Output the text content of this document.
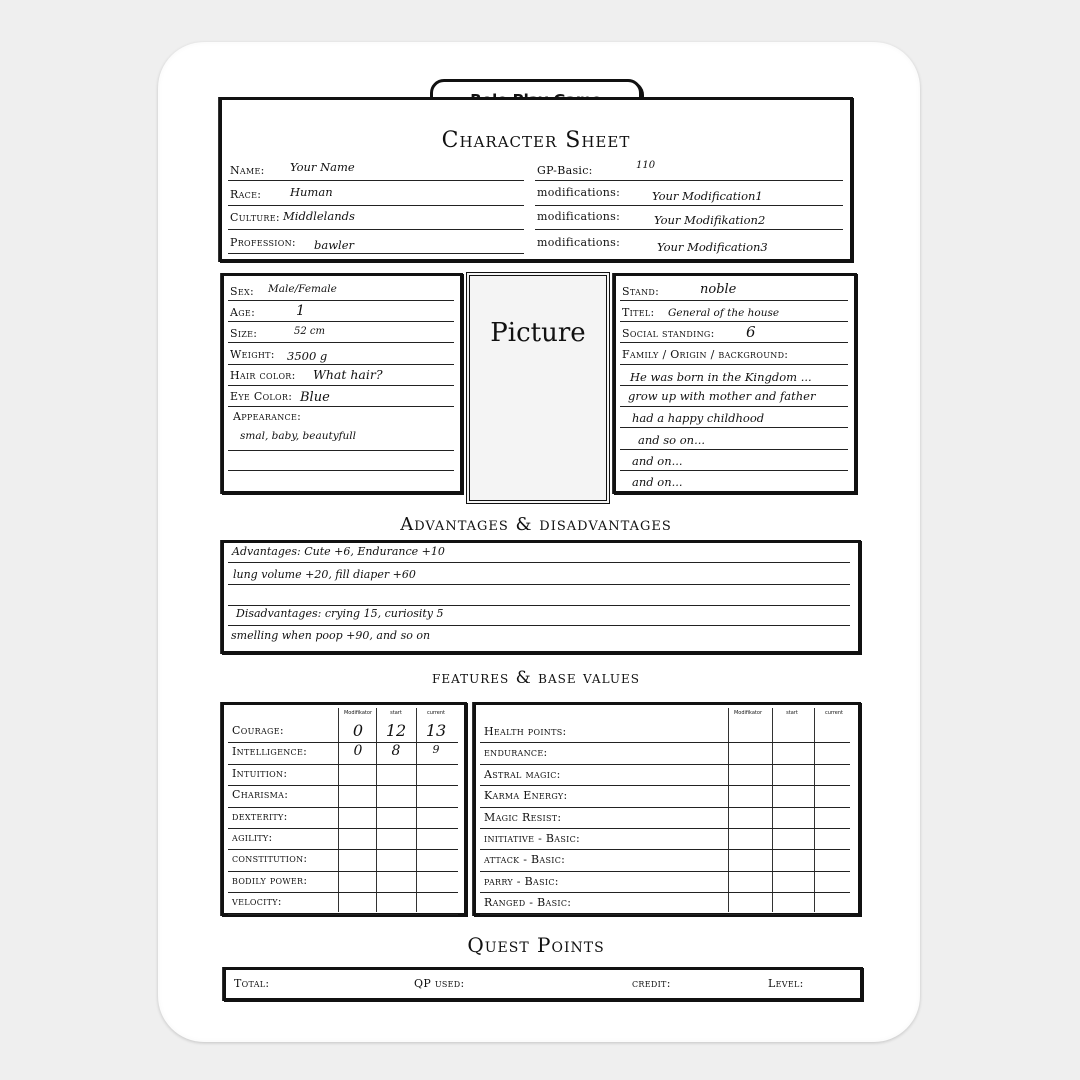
Character Sheet
Name: Your Name
Race:	Human
Culture: Middlelands
Profession: bawler
GP-Basic:	110
modifications:	Your Modification1
modifications:	Your Modifikation2
modifications:	Your Modification3
Sex: Male/Female
Age:	1
Size:	52 cm
Weight: 3500 g
Hair color: What hair?
Eye Color: Blue
Appearance:
smal, baby, beautyfull
Picture
Stand:	noble
Titel: General of the house
Social standing: 6
Family / Origin / background:
He was born in the Kingdom ...
grow up with mother and father
had a happy childhood
and so on...
and on...
and on...
Advantages & disadvantages
Advantages: Cute +6, Endurance +10
lung volume +20, fill diaper +60
Disadvantages: crying 15, curiosity 5
smelling when poop +90, and so on
features & base values
Quest Points
Total:	QP used:	credit:	Level:
Modifikator	start	current
Courage:	0	12	13
Intelligence:	0	8	9
Intuition:
Charisma:
dexterity:
agility:
constitution:
bodily power:
velocity:
Modifikator	start	current
Health points:
endurance:
Astral magic:
Karma Energy:
Magic Resist:
initiative - Basic:
attack - Basic:
parry - Basic:
Ranged - Basic:
